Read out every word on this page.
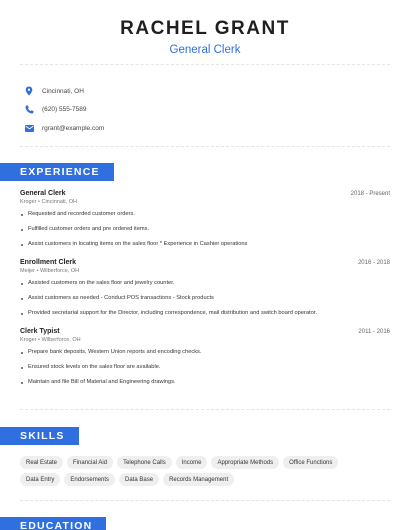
RACHEL GRANT
General Clerk
Cincinnati, OH
(620) 555-7589
rgrant@example.com
EXPERIENCE
General Clerk	2018 - Present
Kroger • Cincinnati, OH
Requested and recorded customer orders.
Fulfilled customer orders and pre ordered items.
Assist customers in locating items on the sales floor * Experience in Cashier operations
Enrollment Clerk	2016 - 2018
Meijer • Wilberforce, OH
Assisted customers on the sales floor and jewelry counter.
Assist customers as needed - Conduct POS transactions - Stock products
Provided secretarial support for the Director, including correspondence, mail distribution and switch board operator.
Clerk Typist	2011 - 2016
Kroger • Wilberforce, OH
Prepare bank deposits, Western Union reports and encoding checks.
Ensured stock levels on the sales floor are available.
Maintain and file Bill of Material and Engineering drawings.
SKILLS
Real Estate	Financial Aid	Telephone Calls	Income	Appropriate Methods	Office Functions
Data Entry	Endorsements	Data Base	Records Management
EDUCATION
